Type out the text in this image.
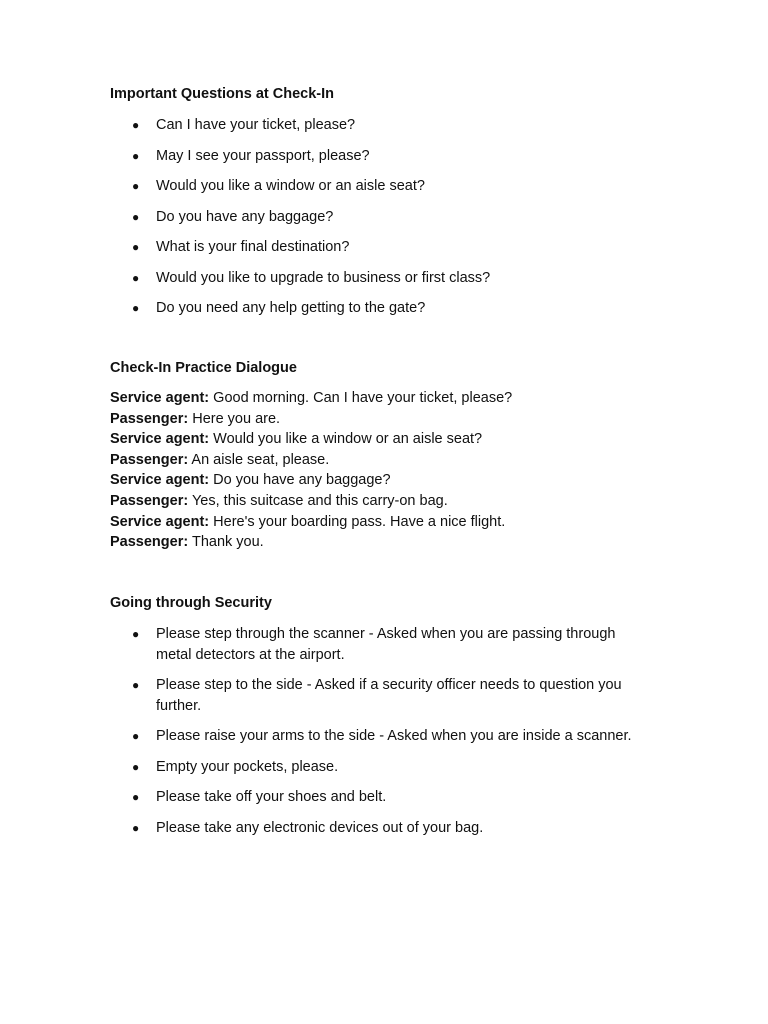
Important Questions at Check-In
● Can I have your ticket, please?
● May I see your passport, please?
● Would you like a window or an aisle seat?
● Do you have any baggage?
● What is your final destination?
● Would you like to upgrade to business or first class?
● Do you need any help getting to the gate?
Check-In Practice Dialogue
Service agent: Good morning. Can I have your ticket, please?
Passenger: Here you are.
Service agent: Would you like a window or an aisle seat?
Passenger: An aisle seat, please.
Service agent: Do you have any baggage?
Passenger: Yes, this suitcase and this carry-on bag.
Service agent: Here's your boarding pass. Have a nice flight.
Passenger: Thank you.
Going through Security
● Please step through the scanner - Asked when you are passing through metal detectors at the airport.
● Please step to the side - Asked if a security officer needs to question you further.
● Please raise your arms to the side - Asked when you are inside a scanner.
● Empty your pockets, please.
● Please take off your shoes and belt.
● Please take any electronic devices out of your bag.
